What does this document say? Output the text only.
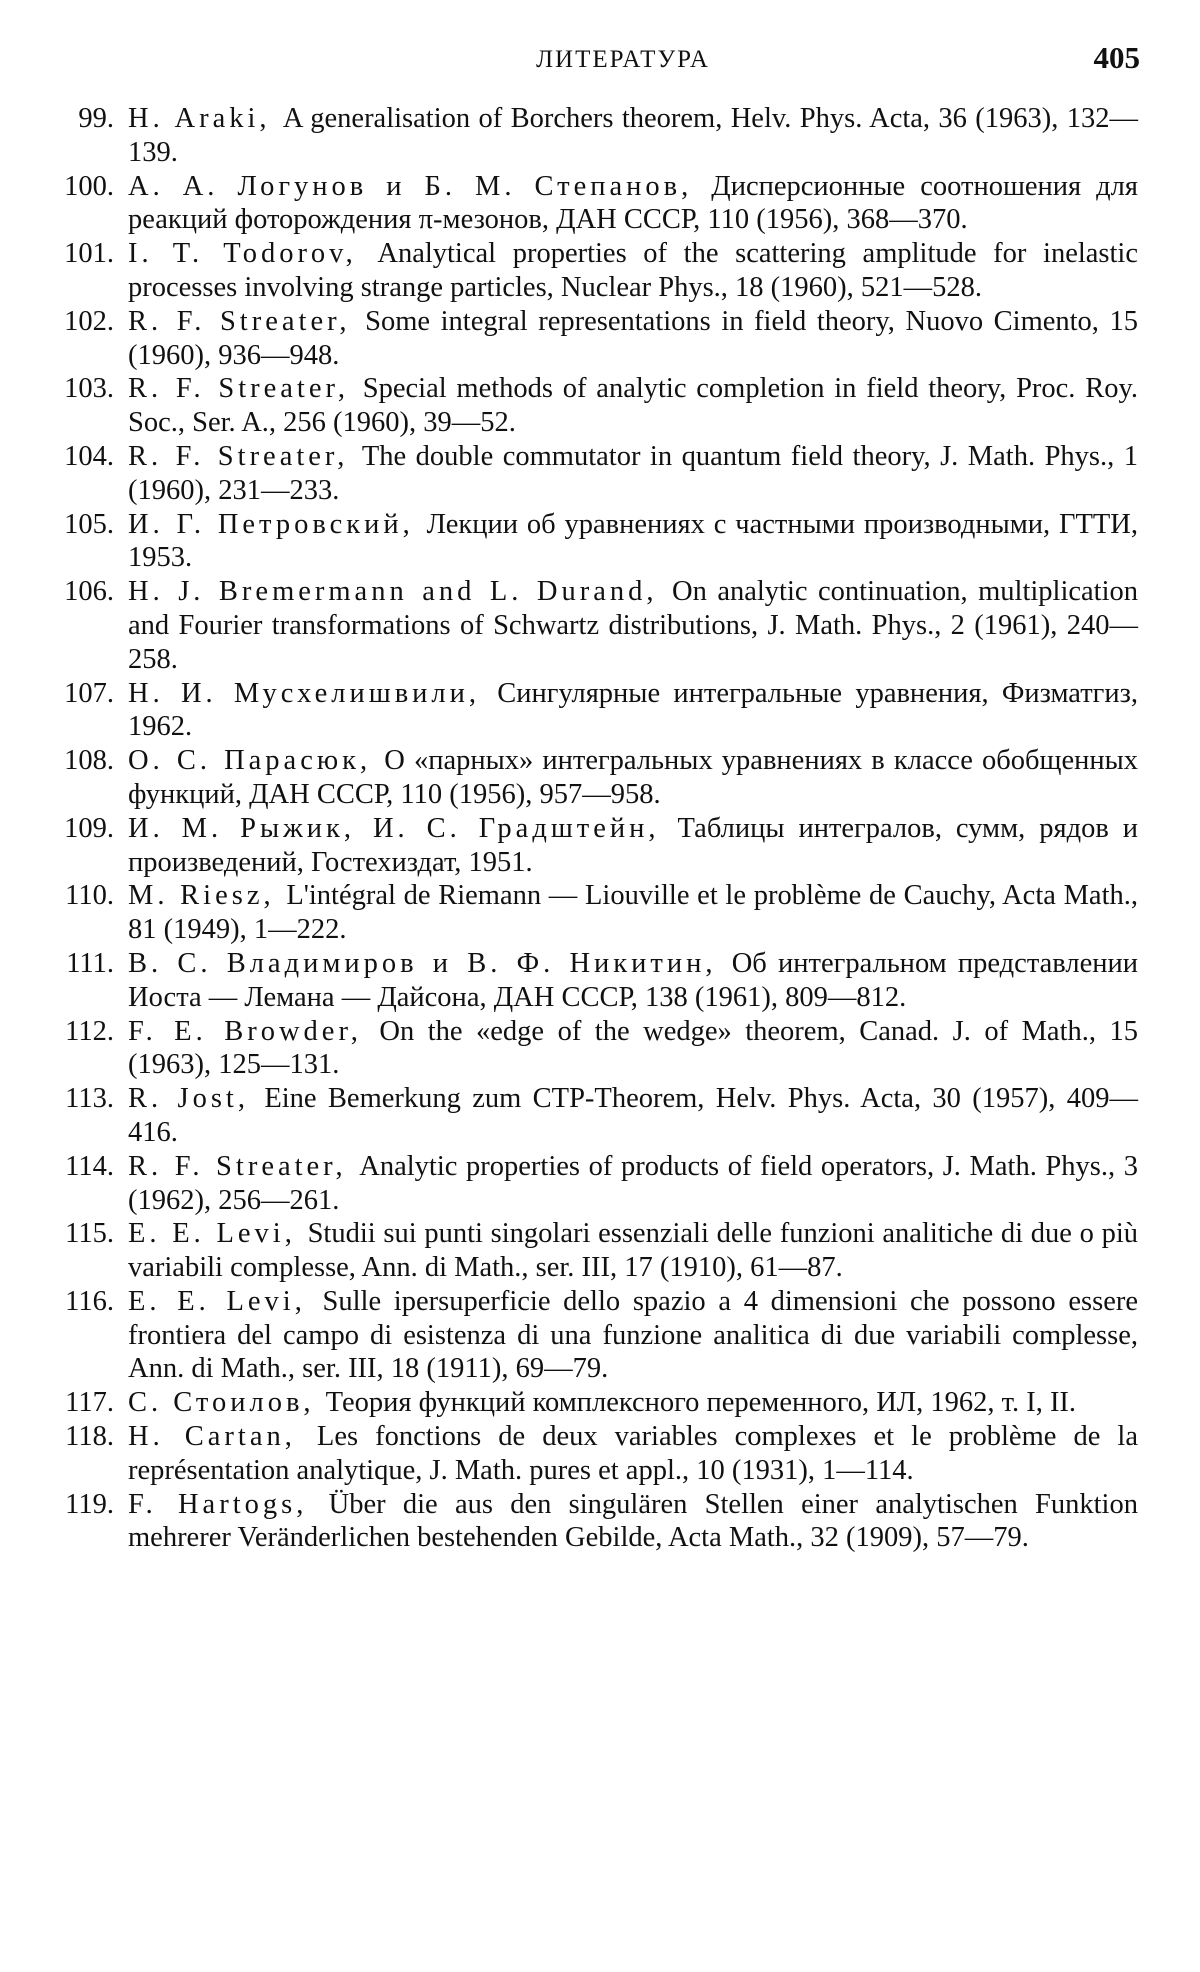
ЛИТЕРАТУРА	405
99. H. Araki, A generalisation of Borchers theorem, Helv. Phys. Acta, 36 (1963), 132—139.
100. А. А. Логунов и Б. М. Степанов, Дисперсионные соотношения для реакций фоторождения π-мезонов, ДАН СССР, 110 (1956), 368—370.
101. I. T. Todorov, Analytical properties of the scattering amplitude for inelastic processes involving strange particles, Nuclear Phys., 18 (1960), 521—528.
102. R. F. Streater, Some integral representations in field theory, Nuovo Cimento, 15 (1960), 936—948.
103. R. F. Streater, Special methods of analytic completion in field theory, Proc. Roy. Soc., Ser. A., 256 (1960), 39—52.
104. R. F. Streater, The double commutator in quantum field theory, J. Math. Phys., 1 (1960), 231—233.
105. И. Г. Петровский, Лекции об уравнениях с частными производными, ГТТИ, 1953.
106. H. J. Bremermann and L. Durand, On analytic continuation, multiplication and Fourier transformations of Schwartz distributions, J. Math. Phys., 2 (1961), 240—258.
107. Н. И. Мусхелишвили, Сингулярные интегральные уравнения, Физматгиз, 1962.
108. О. С. Парасюк, О «парных» интегральных уравнениях в классе обобщенных функций, ДАН СССР, 110 (1956), 957—958.
109. И. М. Рыжик, И. С. Градштейн, Таблицы интегралов, сумм, рядов и произведений, Гостехиздат, 1951.
110. M. Riesz, L'intégral de Riemann — Liouville et le problème de Cauchy, Acta Math., 81 (1949), 1—222.
111. В. С. Владимиров и В. Ф. Никитин, Об интегральном представлении Иоста — Лемана — Дайсона, ДАН СССР, 138 (1961), 809—812.
112. F. E. Browder, On the «edge of the wedge» theorem, Canad. J. of Math., 15 (1963), 125—131.
113. R. Jost, Eine Bemerkung zum CTP-Theorem, Helv. Phys. Acta, 30 (1957), 409—416.
114. R. F. Streater, Analytic properties of products of field operators, J. Math. Phys., 3 (1962), 256—261.
115. E. E. Levi, Studii sui punti singolari essenziali delle funzioni analitiche di due o più variabili complesse, Ann. di Math., ser. III, 17 (1910), 61—87.
116. E. E. Levi, Sulle ipersuperficie dello spazio a 4 dimensioni che possono essere frontiera del campo di esistenza di una funzione analitica di due variabili complesse, Ann. di Math., ser. III, 18 (1911), 69—79.
117. С. Стоилов, Теория функций комплексного переменного, ИЛ, 1962, т. I, II.
118. H. Cartan, Les fonctions de deux variables complexes et le problème de la représentation analytique, J. Math. pures et appl., 10 (1931), 1—114.
119. F. Hartogs, Über die aus den singulären Stellen einer analytischen Funktion mehrerer Veränderlichen bestehenden Gebilde, Acta Math., 32 (1909), 57—79.
